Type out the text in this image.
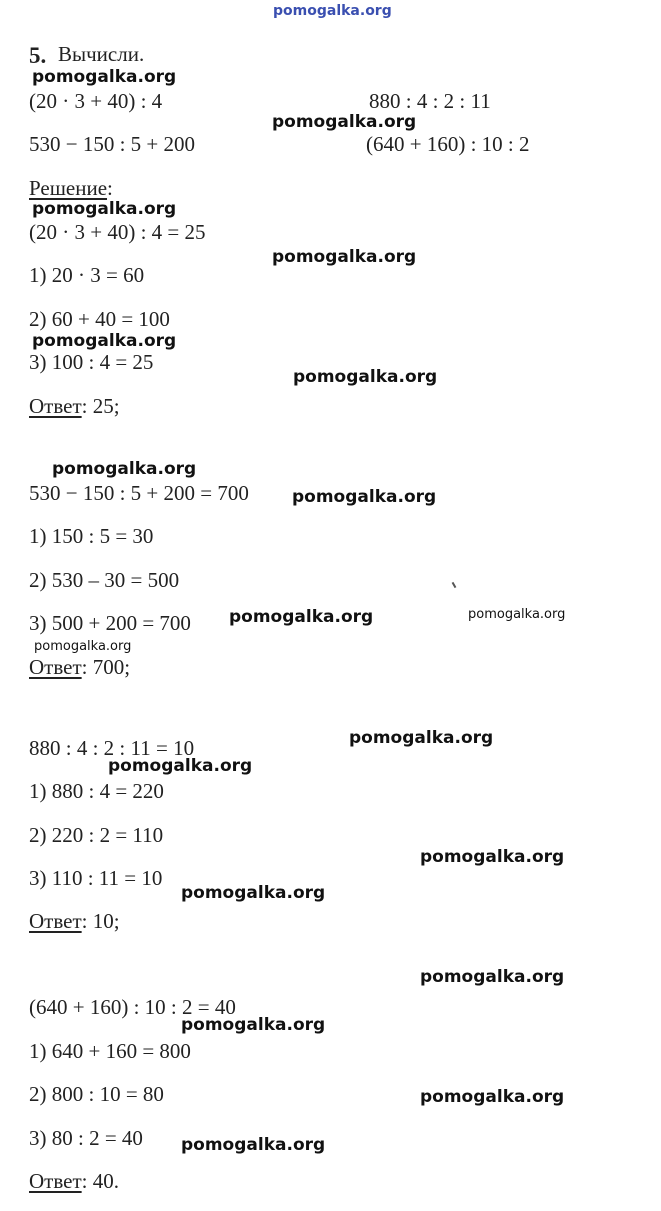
5. Вычисли.
(20 · 3 + 40) : 4	880 : 4 : 2 : 11
530 − 150 : 5 + 200	(640 + 160) : 10 : 2
Решение:
(20 · 3 + 40) : 4 = 25
1) 20 · 3 = 60
2) 60 + 40 = 100
3) 100 : 4 = 25
Ответ: 25;
530 − 150 : 5 + 200 = 700
1) 150 : 5 = 30
2) 530 – 30 = 500
3) 500 + 200 = 700
Ответ: 700;
880 : 4 : 2 : 11 = 10
1) 880 : 4 = 220
2) 220 : 2 = 110
3) 110 : 11 = 10
Ответ: 10;
(640 + 160) : 10 : 2 = 40
1) 640 + 160 = 800
2) 800 : 10 = 80
3) 80 : 2 = 40
Ответ: 40.
pomogalka.org
pomogalka.org
pomogalka.org
pomogalka.org
pomogalka.org
pomogalka.org
pomogalka.org
pomogalka.org
pomogalka.org
pomogalka.org	pomogalka.org
pomogalka.org
pomogalka.org
pomogalka.org
pomogalka.org
pomogalka.org
pomogalka.org
pomogalka.org
pomogalka.org
pomogalka.org
